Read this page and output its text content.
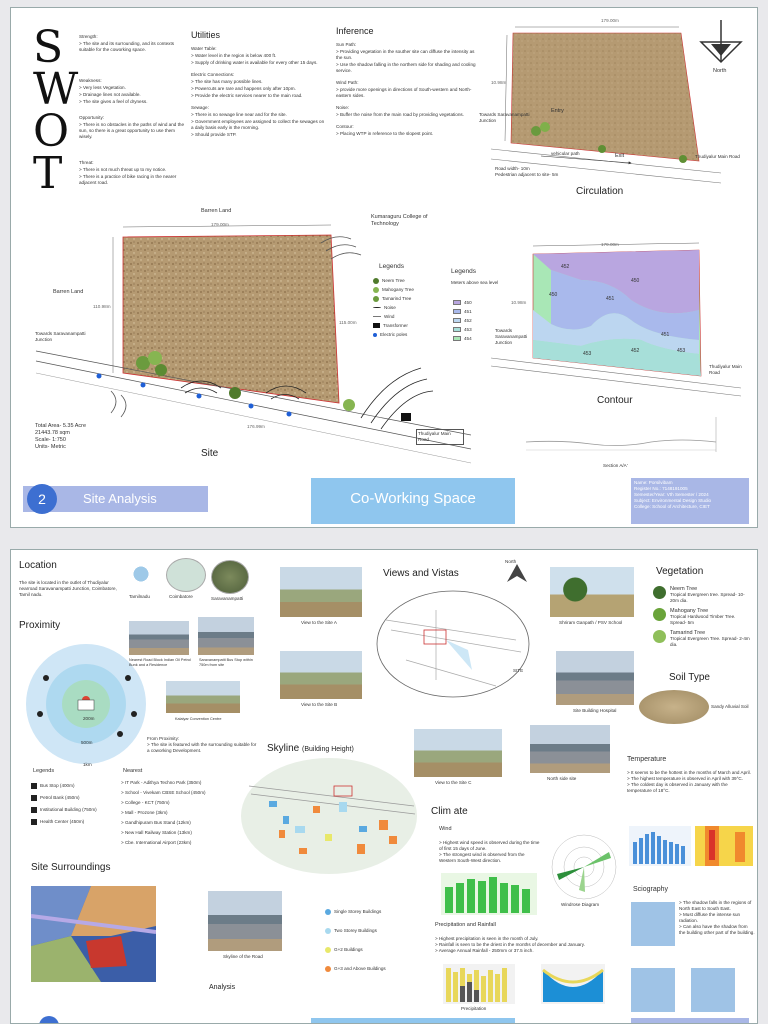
S
W
O
T
Strength:
> The site and its surrounding, and its contexts suitable for the coworking space.
Weakness:
> Very less Vegetation.
> Drainage lines not available.
> The site gives a feel of dryness.
Opportunity:
> There is no obstacles in the paths of wind and the sun, so there is a great opportunity to use them wisely.
Threat:
> There is not much threat up to my notice.
> There is a practice of bike racing in the nearer adjacent road.
Utilities
Water Table:
> Water level in the region is below 400 ft.
> Supply of drinking water is available for every other 15 days.
Electric Connections:
> The site has many possible lines.
> Powercuts are rare and happens only after 10pm.
> Provide the electric services nearer to the main road.
Sewage:
> There is no sewage line near and for the site.
> Government employees are assigned to collect the sewages on a daily basis early in the morning.
> Should provide STP.
Inference
Sun Path:
> Providing vegetation in the souther site can diffuse the intensity as the sun.
> Use the shadow falling in the northern side for shading and cooling service.
Wind Path:
> provide more openings in directions of South-western and North-eastern sides.
Noise:
> Buffer the noise from the main road by providing vegetations.
Contour:
> Placing WTP in reference to the slopest point.
179.00m
10.98m
Entry
Exit
vehicular path
Towards Saravanampatti Junction
Thudiyalur Main Road
Road width- 10m
Pedestrian adjacent to site- 5m
Circulation
North
Barren Land
Barren Land
Kumaraguru College of Technology
179.00m
110.98m
115.00m
176.99m
Towards Saravanampatti Junction
Thudiyalur Main Road
Site
Total Area- 5.35 Acre
21443.78 sqm
Scale- 1:750
Units- Metric
Legends
Neem Tree
Mahogany Tree
Tamarind Tree
Noise
Wind
Transformer
Electric poles
Legends
Meters above sea level
450
451
452
453
454
452
450
450
451
451
453	452	453
179.00m
10.98m
Towards Saravanampatti Junction
Thudiyalur Main Road
Contour
Section A/A'
2	Site Analysis	Co-Working Space
Name: Porsilvibam
Register No.: 7148191005
Semester/Year: Vth Semester / 2024
Subject: Environmental Design Studio
College: School of Architecture, CIET
Location
The site is located in the outlet of Thudiyalur nearroad Saravanampatti Junction, Coimbatore, Tamil nadu.	Tamilnadu	Coimbatore	Saravanampatti
Proximity
200m
500m
1km
Nearest Road Block Indian Oil Petrol Bunk and a Residence
Saravanampatti Bus Stop within 750m from site
Kalaiyar Convention Centre
From Proximity:
> The site is featured with the surrounding suitable for a coworking Development.
Legends
Bus Stop (400m)
Petrol Bank (450m)
Institutional Building (750m)
Health Center (450m)
Nearest
> IT Park - Adithya Techno Park (350m)
> School - Vivekam CBSE School (450m)
> College - KCT (750m)
> Mall - Prozone (3km)
> Gandhipuram Bus Stand (12km)
> New Hall Railway Station (13km)
> Cbe. International Airport (23km)
Site Surroundings
Views and Vistas
North
SITE
View to the Site A
View to the Site B
View to the Site C
Shriram Ganpath / PSV School
Site Building Hospital
North side site
Skyline (Building Height)
Skyline of the Road
Single Storey Buildings
Two Storey Buildings
G+2 Buildings
G+3 and Above Buildings
Analysis
Clim ate
Wind
> Highest wind speed is observed during the time of first 15 days of June.
> The strongest wind is observed from the Western South-West direction.
Windrose Diagram
Precipitation and Rainfall
> Highest precipitation is seen in the month of July.
> Rainfall is seen to be the driest in the months of december and January.
> Average Annual Rainfall - 250mm or 37.5 inch.
Precipitation
Vegetation
Neem Tree
Tropical Evergreen tree. Spread- 10-20m dia.
Mahogany Tree
Tropical Hardwood Timber Tree. Spread- 5m
Tamarind Tree
Tropical Evergreen Tree. Spread- 2-4m dia.
Soil Type
Sandy Alluvial Soil
Temperature
> It seems to be the hottest in the months of March and April.
> The highest temperature is observed in April with 39°C.
> The coldest day is observed in January with the temperature of 18°C.
Sciography
> The shadow falls in the regions of North East to South East.
> Must diffuse the intense sun radiation.
> Can also have the shadow from the building other part of the building.
